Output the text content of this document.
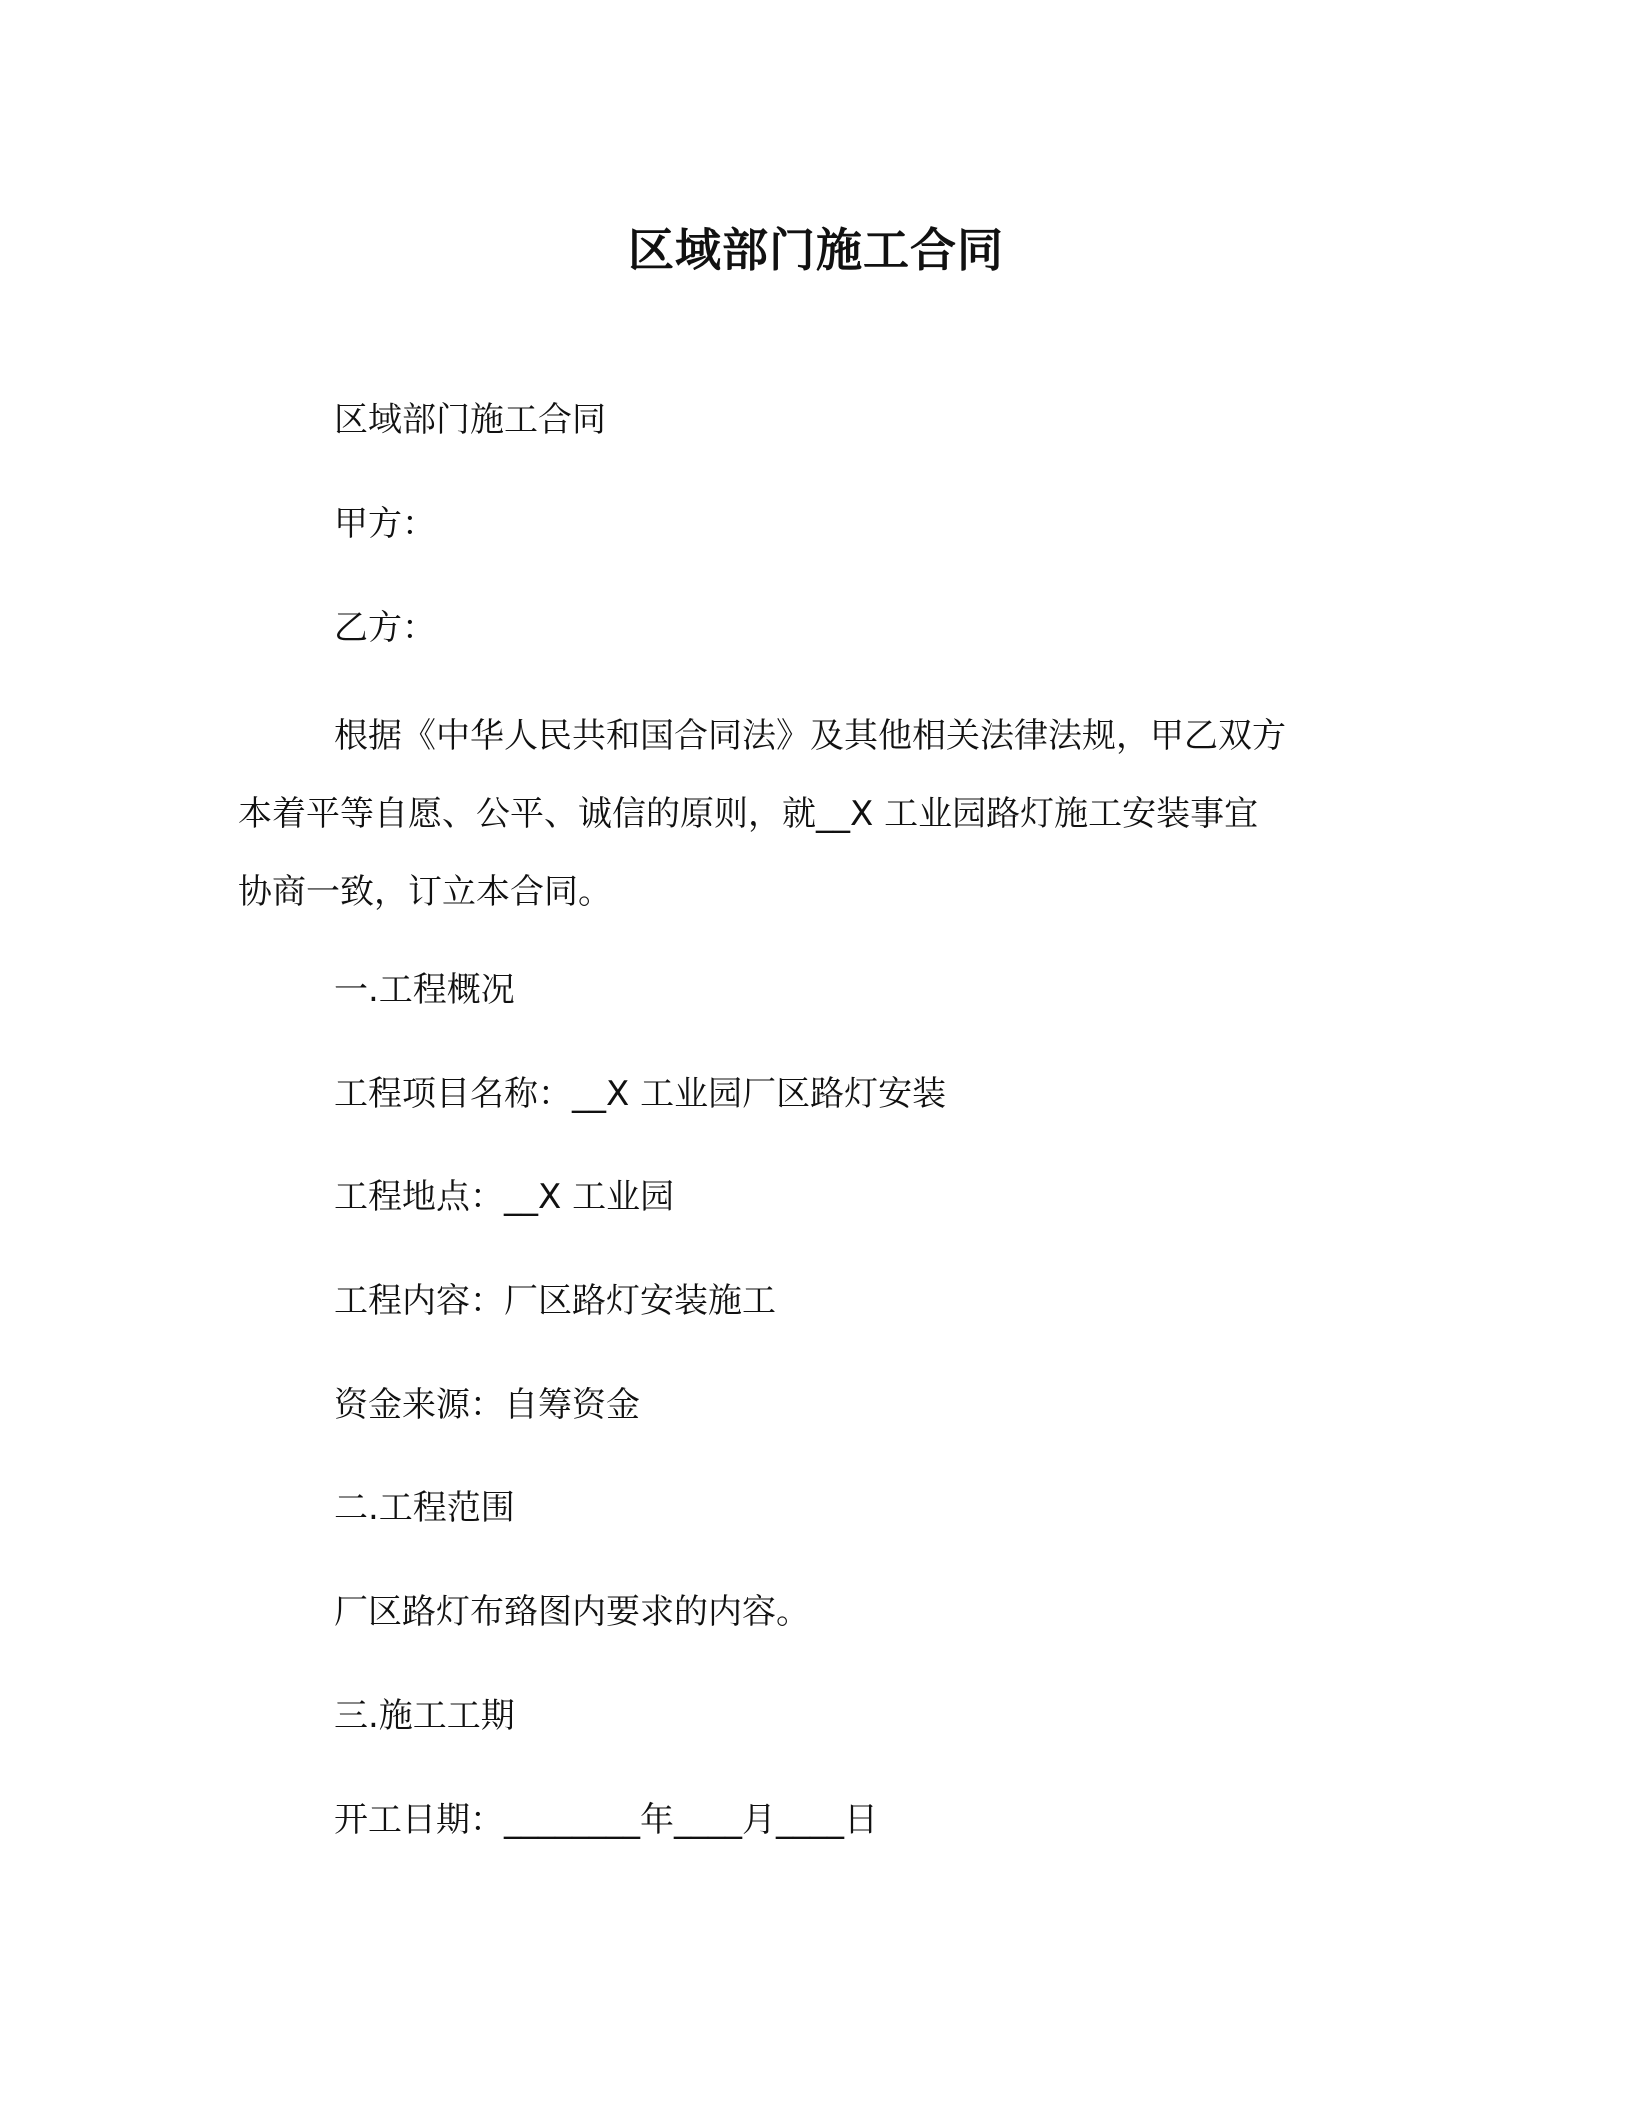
区域部门施工合同
区域部门施工合同
甲方：
乙方：
根据《中华人民共和国合同法》及其他相关法律法规，甲乙双方
本着平等自愿、公平、诚信的原则，就__X 工业园路灯施工安装事宜
协商一致，订立本合同。
一.工程概况
工程项目名称：__X 工业园厂区路灯安装
工程地点：__X 工业园
工程内容：厂区路灯安装施工
资金来源：自筹资金
二.工程范围
厂区路灯布臵图内要求的内容。
三.施工工期
开工日期：________年____月____日
